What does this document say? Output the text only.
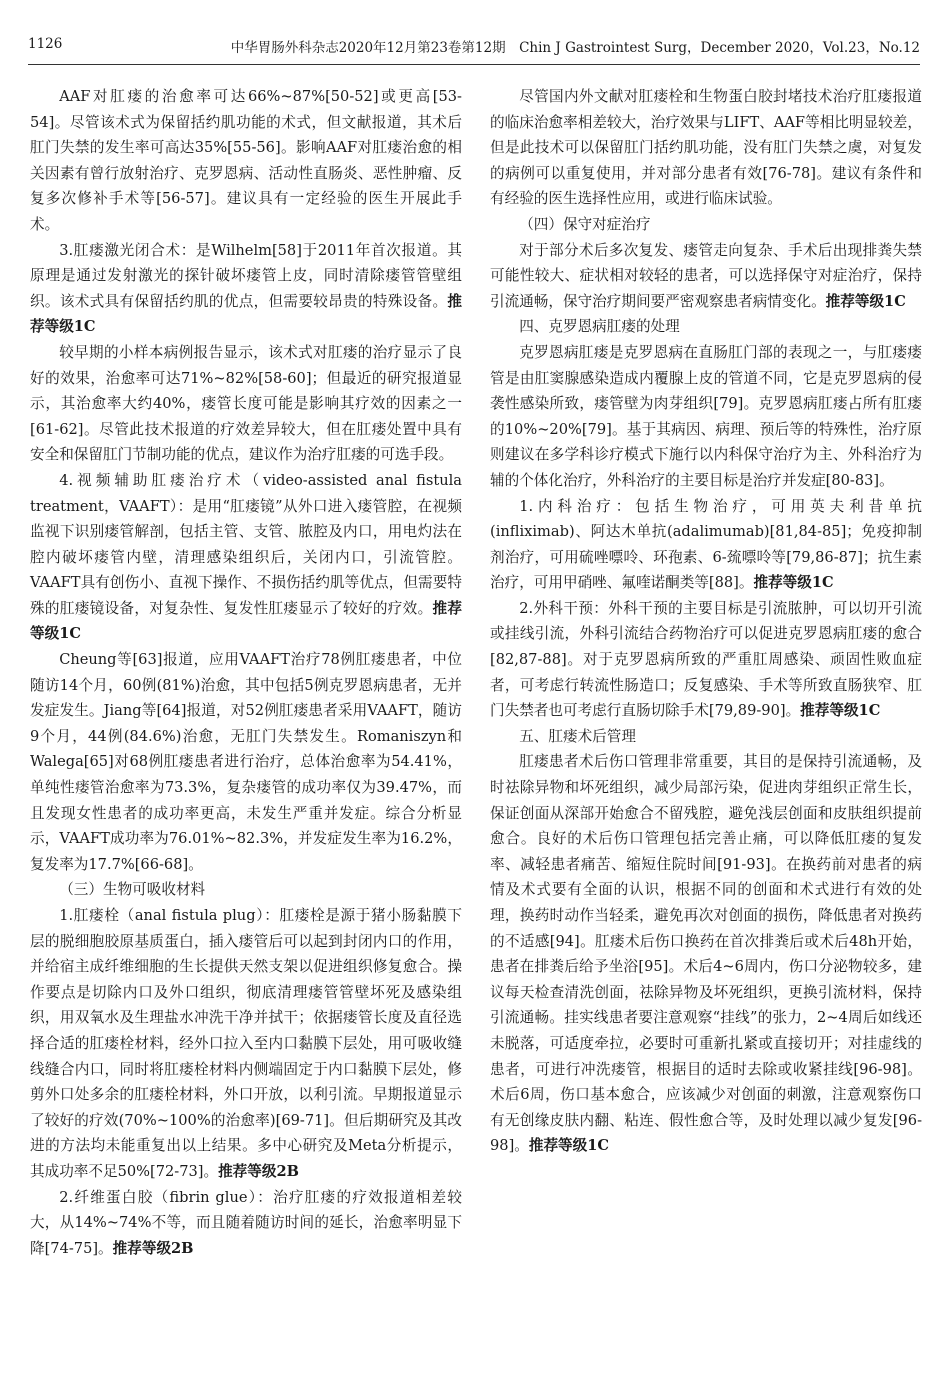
1126	中华胃肠外科杂志2020年12月第23卷第12期　Chin J Gastrointest Surg，December 2020，Vol.23，No.12

AAF对肛瘘的治愈率可达66%~87%[50-52]或更高[53-54]。尽管该术式为保留括约肌功能的术式，但文献报道，其术后肛门失禁的发生率可高达35%[55-56]。影响AAF对肛瘘治愈的相关因素有曾行放射治疗、克罗恩病、活动性直肠炎、恶性肿瘤、反复多次修补手术等[56-57]。建议具有一定经验的医生开展此手术。

3.肛瘘激光闭合术：是Wilhelm[58]于2011年首次报道。其原理是通过发射激光的探针破坏瘘管上皮，同时清除瘘管管壁组织。该术式具有保留括约肌的优点，但需要较昂贵的特殊设备。推荐等级1C

较早期的小样本病例报告显示，该术式对肛瘘的治疗显示了良好的效果，治愈率可达71%~82%[58-60]；但最近的研究报道显示，其治愈率大约40%，瘘管长度可能是影响其疗效的因素之一[61-62]。尽管此技术报道的疗效差异较大，但在肛瘘处置中具有安全和保留肛门节制功能的优点，建议作为治疗肛瘘的可选手段。

4.视频辅助肛瘘治疗术（video-assisted anal fistula treatment，VAAFT）：是用“肛瘘镜”从外口进入瘘管腔，在视频监视下识别瘘管解剖，包括主管、支管、脓腔及内口，用电灼法在腔内破坏瘘管内壁，清理感染组织后，关闭内口，引流管腔。VAAFT具有创伤小、直视下操作、不损伤括约肌等优点，但需要特殊的肛瘘镜设备，对复杂性、复发性肛瘘显示了较好的疗效。推荐等级1C

Cheung等[63]报道，应用VAAFT治疗78例肛瘘患者，中位随访14个月，60例(81%)治愈，其中包括5例克罗恩病患者，无并发症发生。Jiang等[64]报道，对52例肛瘘患者采用VAAFT，随访9个月，44例(84.6%)治愈，无肛门失禁发生。Romaniszyn和Walega[65]对68例肛瘘患者进行治疗，总体治愈率为54.41%，单纯性瘘管治愈率为73.3%，复杂瘘管的成功率仅为39.47%，而且发现女性患者的成功率更高，未发生严重并发症。综合分析显示，VAAFT成功率为76.01%~82.3%，并发症发生率为16.2%，复发率为17.7%[66-68]。

（三）生物可吸收材料

1.肛瘘栓（anal fistula plug）：肛瘘栓是源于猪小肠黏膜下层的脱细胞胶原基质蛋白，插入瘘管后可以起到封闭内口的作用，并给宿主成纤维细胞的生长提供天然支架以促进组织修复愈合。操作要点是切除内口及外口组织，彻底清理瘘管管壁坏死及感染组织，用双氧水及生理盐水冲洗干净并拭干；依据瘘管长度及直径选择合适的肛瘘栓材料，经外口拉入至内口黏膜下层处，用可吸收缝线缝合内口，同时将肛瘘栓材料内侧端固定于内口黏膜下层处，修剪外口处多余的肛瘘栓材料，外口开放，以利引流。早期报道显示了较好的疗效(70%~100%的治愈率)[69-71]。但后期研究及其改进的方法均未能重复出以上结果。多中心研究及Meta分析提示，其成功率不足50%[72-73]。推荐等级2B

2.纤维蛋白胶（fibrin glue）：治疗肛瘘的疗效报道相差较大，从14%~74%不等，而且随着随访时间的延长，治愈率明显下降[74-75]。推荐等级2B

尽管国内外文献对肛瘘栓和生物蛋白胶封堵技术治疗肛瘘报道的临床治愈率相差较大，治疗效果与LIFT、AAF等相比明显较差，但是此技术可以保留肛门括约肌功能，没有肛门失禁之虞，对复发的病例可以重复使用，并对部分患者有效[76-78]。建议有条件和有经验的医生选择性应用，或进行临床试验。

（四）保守对症治疗

对于部分术后多次复发、瘘管走向复杂、手术后出现排粪失禁可能性较大、症状相对较轻的患者，可以选择保守对症治疗，保持引流通畅，保守治疗期间要严密观察患者病情变化。推荐等级1C

四、克罗恩病肛瘘的处理

克罗恩病肛瘘是克罗恩病在直肠肛门部的表现之一，与肛瘘瘘管是由肛窦腺感染造成内覆腺上皮的管道不同，它是克罗恩病的侵袭性感染所致，瘘管壁为肉芽组织[79]。克罗恩病肛瘘占所有肛瘘的10%~20%[79]。基于其病因、病理、预后等的特殊性，治疗原则建议在多学科诊疗模式下施行以内科保守治疗为主、外科治疗为辅的个体化治疗，外科治疗的主要目标是治疗并发症[80-83]。

1.内科治疗：包括生物治疗，可用英夫利昔单抗(infliximab)、阿达木单抗(adalimumab)[81,84-85]；免疫抑制剂治疗，可用硫唑嘌呤、环孢素、6-巯嘌呤等[79,86-87]；抗生素治疗，可用甲硝唑、氟喹诺酮类等[88]。推荐等级1C

2.外科干预：外科干预的主要目标是引流脓肿，可以切开引流或挂线引流，外科引流结合药物治疗可以促进克罗恩病肛瘘的愈合[82,87-88]。对于克罗恩病所致的严重肛周感染、顽固性败血症者，可考虑行转流性肠造口；反复感染、手术等所致直肠狭窄、肛门失禁者也可考虑行直肠切除手术[79,89-90]。推荐等级1C

五、肛瘘术后管理

肛瘘患者术后伤口管理非常重要，其目的是保持引流通畅，及时祛除异物和坏死组织，减少局部污染，促进肉芽组织正常生长，保证创面从深部开始愈合不留残腔，避免浅层创面和皮肤组织提前愈合。良好的术后伤口管理包括完善止痛，可以降低肛瘘的复发率、减轻患者痛苦、缩短住院时间[91-93]。在换药前对患者的病情及术式要有全面的认识，根据不同的创面和术式进行有效的处理，换药时动作当轻柔，避免再次对创面的损伤，降低患者对换药的不适感[94]。肛瘘术后伤口换药在首次排粪后或术后48h开始，患者在排粪后给予坐浴[95]。术后4~6周内，伤口分泌物较多，建议每天检查清洗创面，祛除异物及坏死组织，更换引流材料，保持引流通畅。挂实线患者要注意观察“挂线”的张力，2~4周后如线还未脱落，可适度牵拉，必要时可重新扎紧或直接切开；对挂虚线的患者，可进行冲洗瘘管，根据目的适时去除或收紧挂线[96-98]。术后6周，伤口基本愈合，应该减少对创面的刺激，注意观察伤口有无创缘皮肤内翻、粘连、假性愈合等，及时处理以减少复发[96-98]。推荐等级1C
